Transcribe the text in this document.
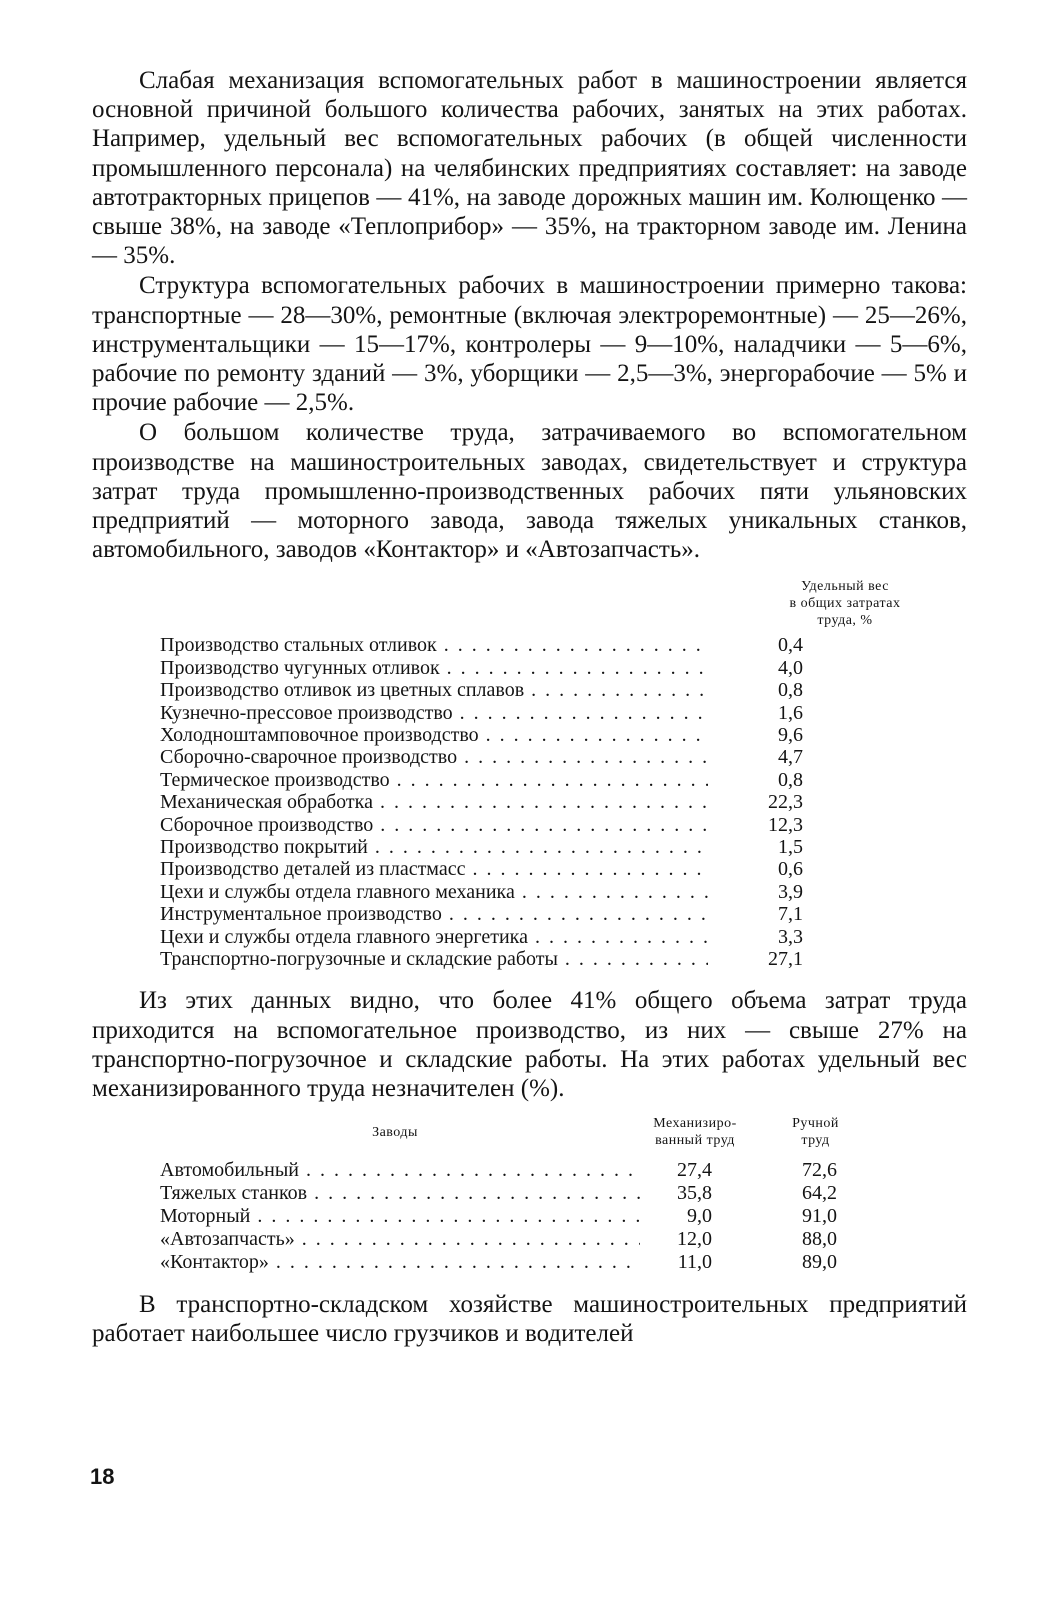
Слабая механизация вспомогательных работ в машиностроении является основной причиной большого количества рабочих, занятых на этих работах. Например, удельный вес вспомогательных рабочих (в общей численности промышленного персонала) на челябинских предприятиях составляет: на заводе автотракторных прицепов — 41%, на заводе дорожных машин им. Колющенко — свыше 38%, на заводе «Теплоприбор» — 35%, на тракторном заводе им. Ленина — 35%.

Структура вспомогательных рабочих в машиностроении примерно такова: транспортные — 28—30%, ремонтные (включая электроремонтные) — 25—26%, инструментальщики — 15—17%, контролеры — 9—10%, наладчики — 5—6%, рабочие по ремонту зданий — 3%, уборщики — 2,5—3%, энергорабочие — 5% и прочие рабочие — 2,5%.

О большом количестве труда, затрачиваемого во вспомогательном производстве на машиностроительных заводах, свидетельствует и структура затрат труда промышленно-производственных рабочих пяти ульяновских предприятий — моторного завода, завода тяжелых уникальных станков, автомобильного, заводов «Контактор» и «Автозапчасть».

Удельный вес
в общих затратах
труда, %
Производство стальных отливок . . .	0,4
Производство чугунных отливок . . .	4,0
Производство отливок из цветных сплавов . . .	0,8
Кузнечно-прессовое производство . . .	1,6
Холодноштамповочное производство . . .	9,6
Сборочно-сварочное производство . . .	4,7
Термическое производство . . .	0,8
Механическая обработка . . .	22,3
Сборочное производство . . .	12,3
Производство покрытий . . .	1,5
Производство деталей из пластмасс . . .	0,6
Цехи и службы отдела главного механика . . .	3,9
Инструментальное производство . . .	7,1
Цехи и службы отдела главного энергетика . . .	3,3
Транспортно-погрузочные и складские работы . . .	27,1

Из этих данных видно, что более 41% общего объема затрат труда приходится на вспомогательное производство, из них — свыше 27% на транспортно-погрузочное и складские работы. На этих работах удельный вес механизированного труда незначителен (%).

Заводы
Механизиро-
ванный труд
Ручной
труд
Автомобильный . . .	27,4	72,6
Тяжелых станков . . .	35,8	64,2
Моторный . . .	9,0	91,0
«Автозапчасть» . . .	12,0	88,0
«Контактор» . . .	11,0	89,0

В транспортно-складском хозяйстве машиностроительных предприятий работает наибольшее число грузчиков и водителей

18
